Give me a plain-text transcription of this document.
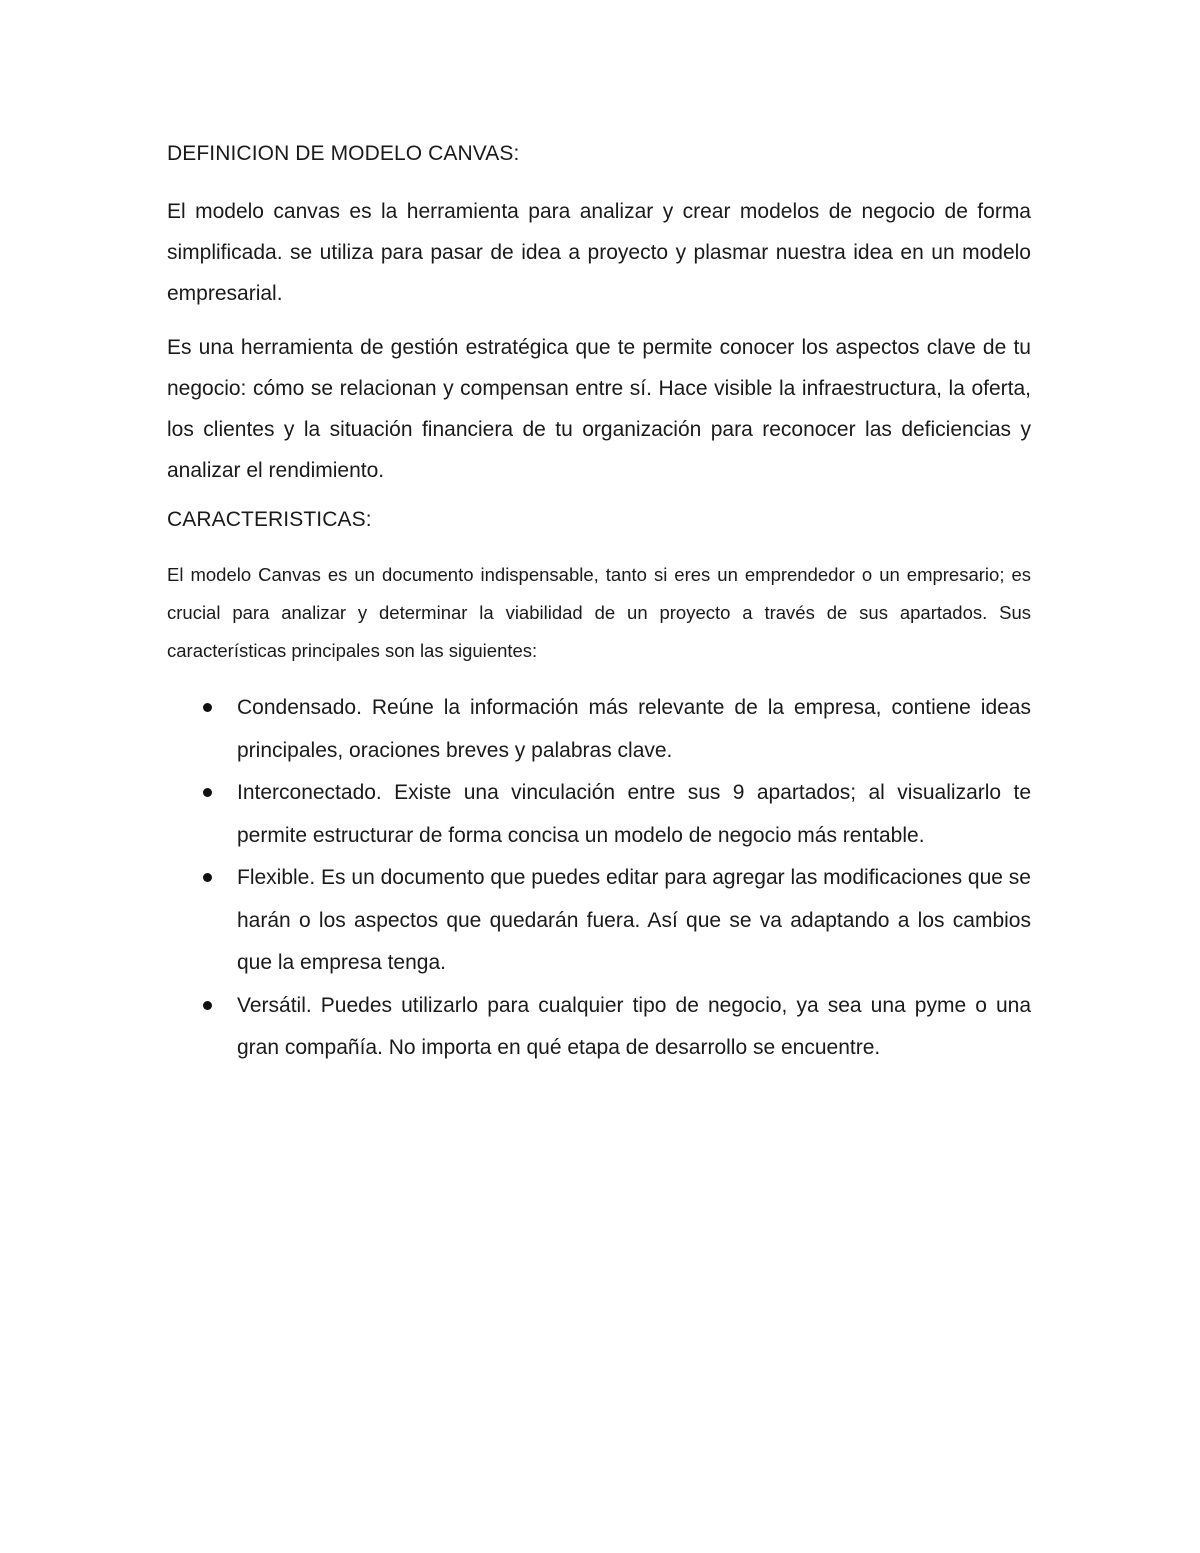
DEFINICION DE MODELO CANVAS:

El modelo canvas es la herramienta para analizar y crear modelos de negocio de forma simplificada. se utiliza para pasar de idea a proyecto y plasmar nuestra idea en un modelo empresarial.

Es una herramienta de gestión estratégica que te permite conocer los aspectos clave de tu negocio: cómo se relacionan y compensan entre sí. Hace visible la infraestructura, la oferta, los clientes y la situación financiera de tu organización para reconocer las deficiencias y analizar el rendimiento.

CARACTERISTICAS:

El modelo Canvas es un documento indispensable, tanto si eres un emprendedor o un empresario; es crucial para analizar y determinar la viabilidad de un proyecto a través de sus apartados. Sus características principales son las siguientes:

Condensado. Reúne la información más relevante de la empresa, contiene ideas principales, oraciones breves y palabras clave.
Interconectado. Existe una vinculación entre sus 9 apartados; al visualizarlo te permite estructurar de forma concisa un modelo de negocio más rentable.
Flexible. Es un documento que puedes editar para agregar las modificaciones que se harán o los aspectos que quedarán fuera. Así que se va adaptando a los cambios que la empresa tenga.
Versátil. Puedes utilizarlo para cualquier tipo de negocio, ya sea una pyme o una gran compañía. No importa en qué etapa de desarrollo se encuentre.
